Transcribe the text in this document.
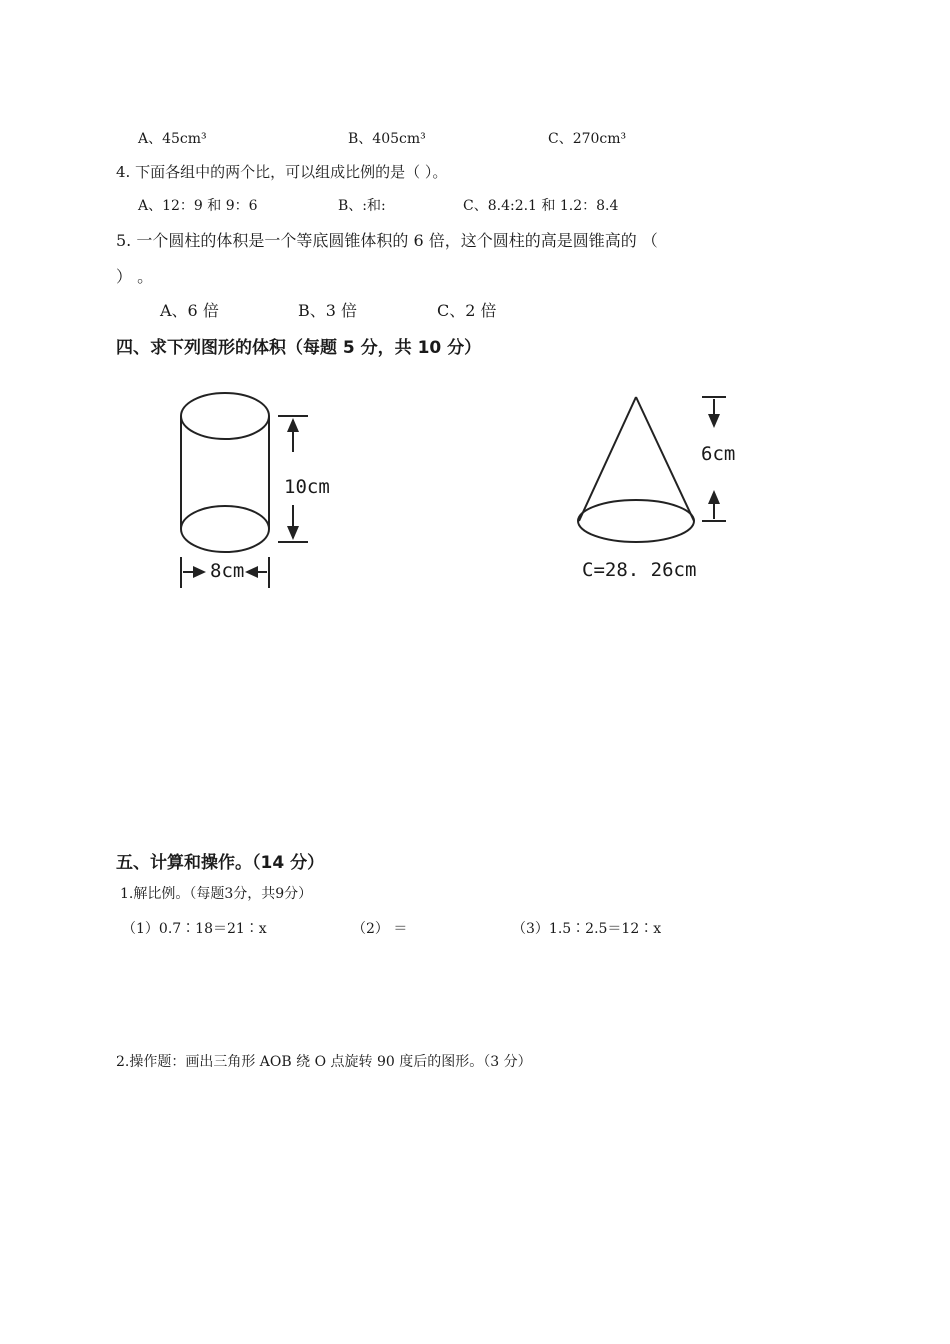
A、45cm³	B、405cm³	C、270cm³
4. 下面各组中的两个比，可以组成比例的是（ ）。
A、12：9 和 9：6	B、:和:	C、8.4:2.1 和 1.2：8.4
5. 一个圆柱的体积是一个等底圆锥体积的 6 倍，这个圆柱的高是圆锥高的 （
） 。
A、6 倍	B、3 倍	C、2 倍
四、求下列图形的体积（每题 5 分，共 10 分）
10cm
8cm
6cm
C=28. 26cm
五、计算和操作。（14 分）
1.解比例。（每题3分，共9分）
（1）0.7∶18＝21∶x	（2） ＝	（3）1.5∶2.5＝12∶x
2.操作题：画出三角形 AOB 绕 O 点旋转 90 度后的图形。（3 分）
